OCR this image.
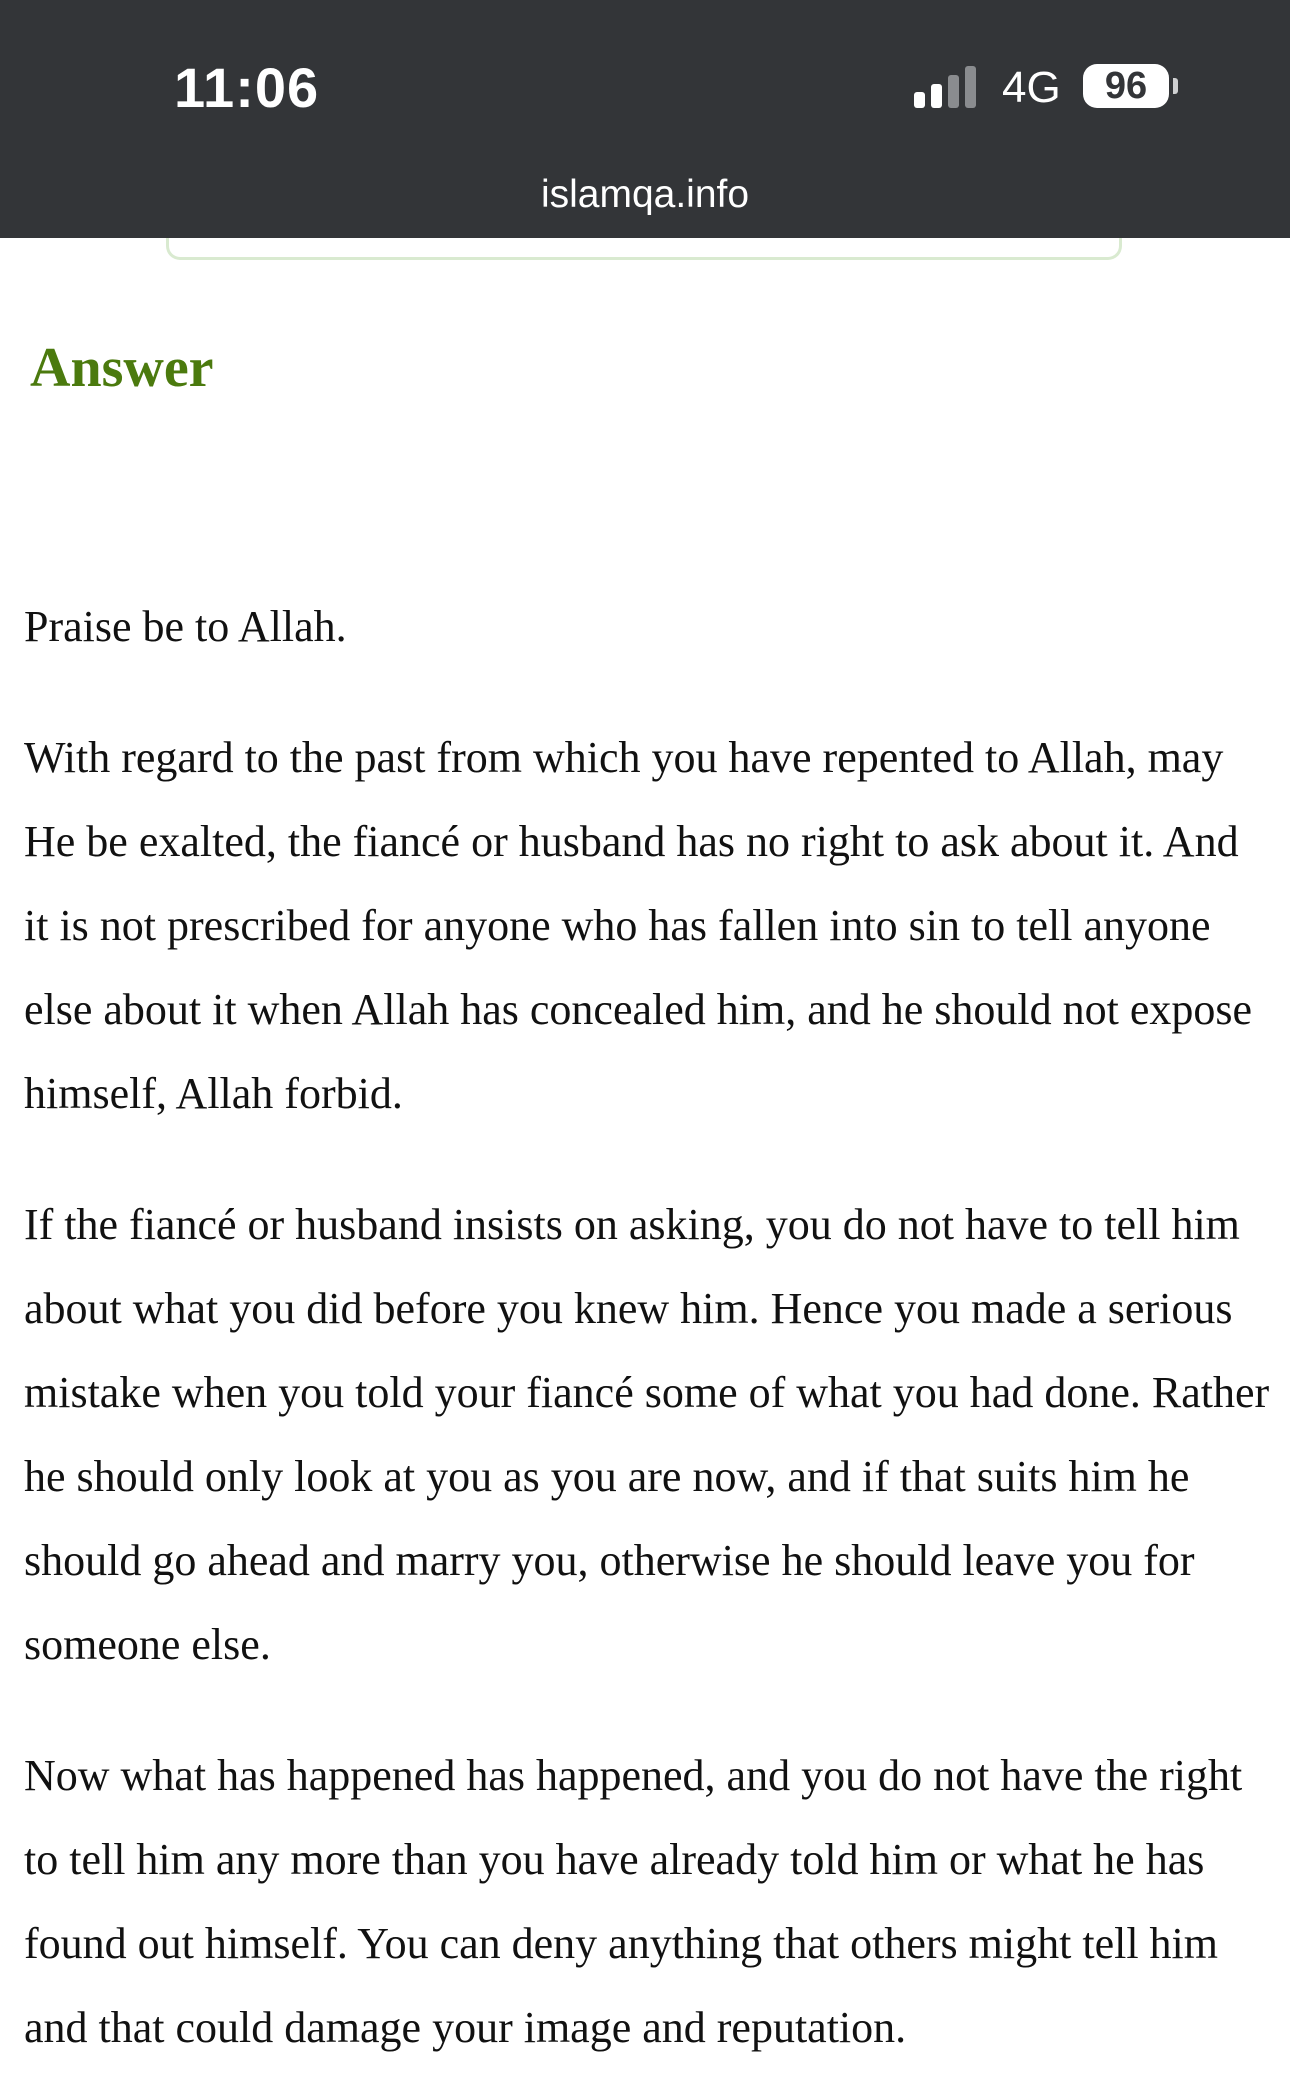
11:06	4G	96
islamqa.info
Answer

Praise be to Allah.

With regard to the past from which you have repented to Allah, may He be exalted, the fiancé or husband has no right to ask about it. And it is not prescribed for anyone who has fallen into sin to tell anyone else about it when Allah has concealed him, and he should not expose himself, Allah forbid.

If the fiancé or husband insists on asking, you do not have to tell him about what you did before you knew him. Hence you made a serious mistake when you told your fiancé some of what you had done. Rather he should only look at you as you are now, and if that suits him he should go ahead and marry you, otherwise he should leave you for someone else.

Now what has happened has happened, and you do not have the right to tell him any more than you have already told him or what he has found out himself. You can deny anything that others might tell him and that could damage your image and reputation.
